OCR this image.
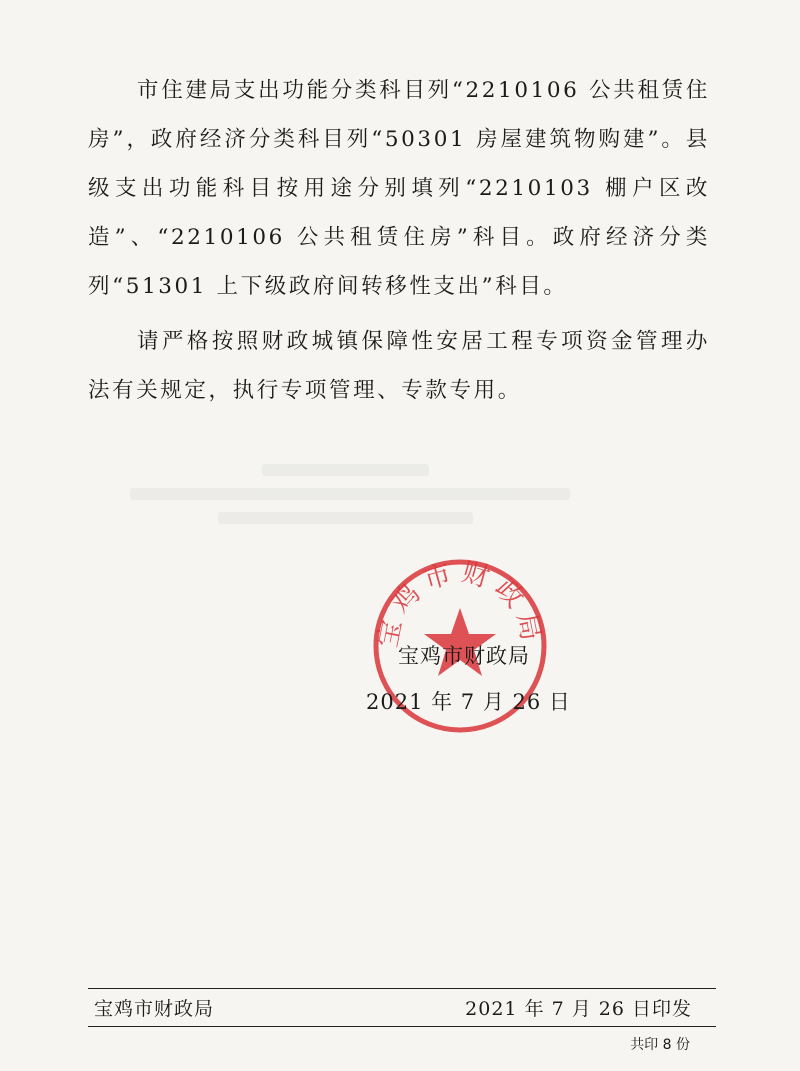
市住建局支出功能分类科目列“2210106 公共租赁住房”，政府经济分类科目列“50301 房屋建筑物购建”。县级支出功能科目按用途分别填列“2210103 棚户区改造”、“2210106 公共租赁住房”科目。政府经济分类列“51301 上下级政府间转移性支出”科目。

请严格按照财政城镇保障性安居工程专项资金管理办法有关规定，执行专项管理、专款专用。

宝鸡市财政局
宝鸡市财政局
2021 年 7 月 26 日
宝鸡市财政局	2021 年 7 月 26 日印发
共印 8 份
